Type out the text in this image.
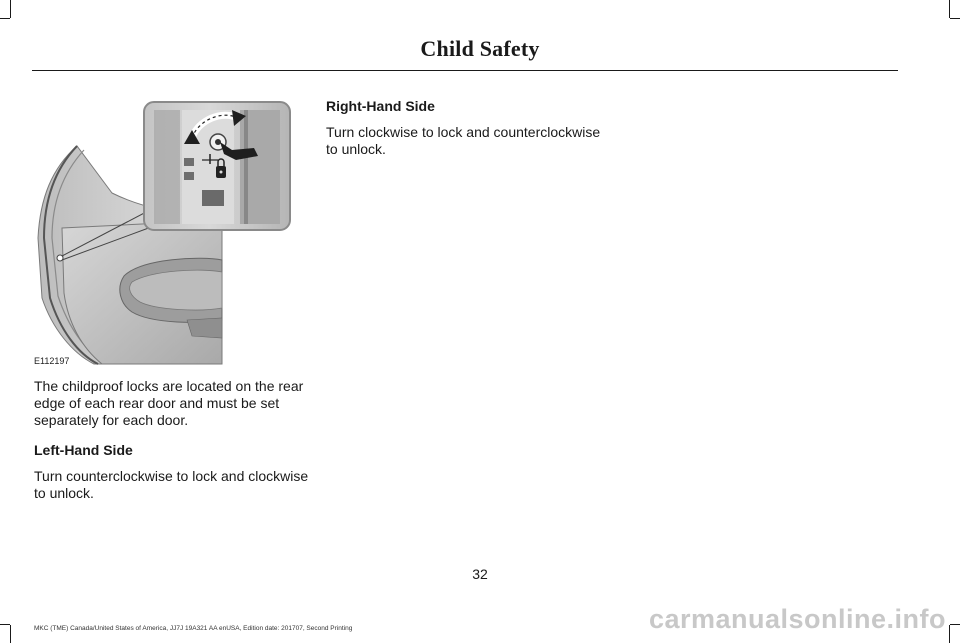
Child Safety
E112197

The childproof locks are located on the rear edge of each rear door and must be set separately for each door.

Left-Hand Side

Turn counterclockwise to lock and clockwise to unlock.

Right-Hand Side

Turn clockwise to lock and counterclockwise to unlock.

32
MKC (TME) Canada/United States of America, JJ7J 19A321 AA enUSA, Edition date: 201707, Second Printing	carmanualsonline.info
